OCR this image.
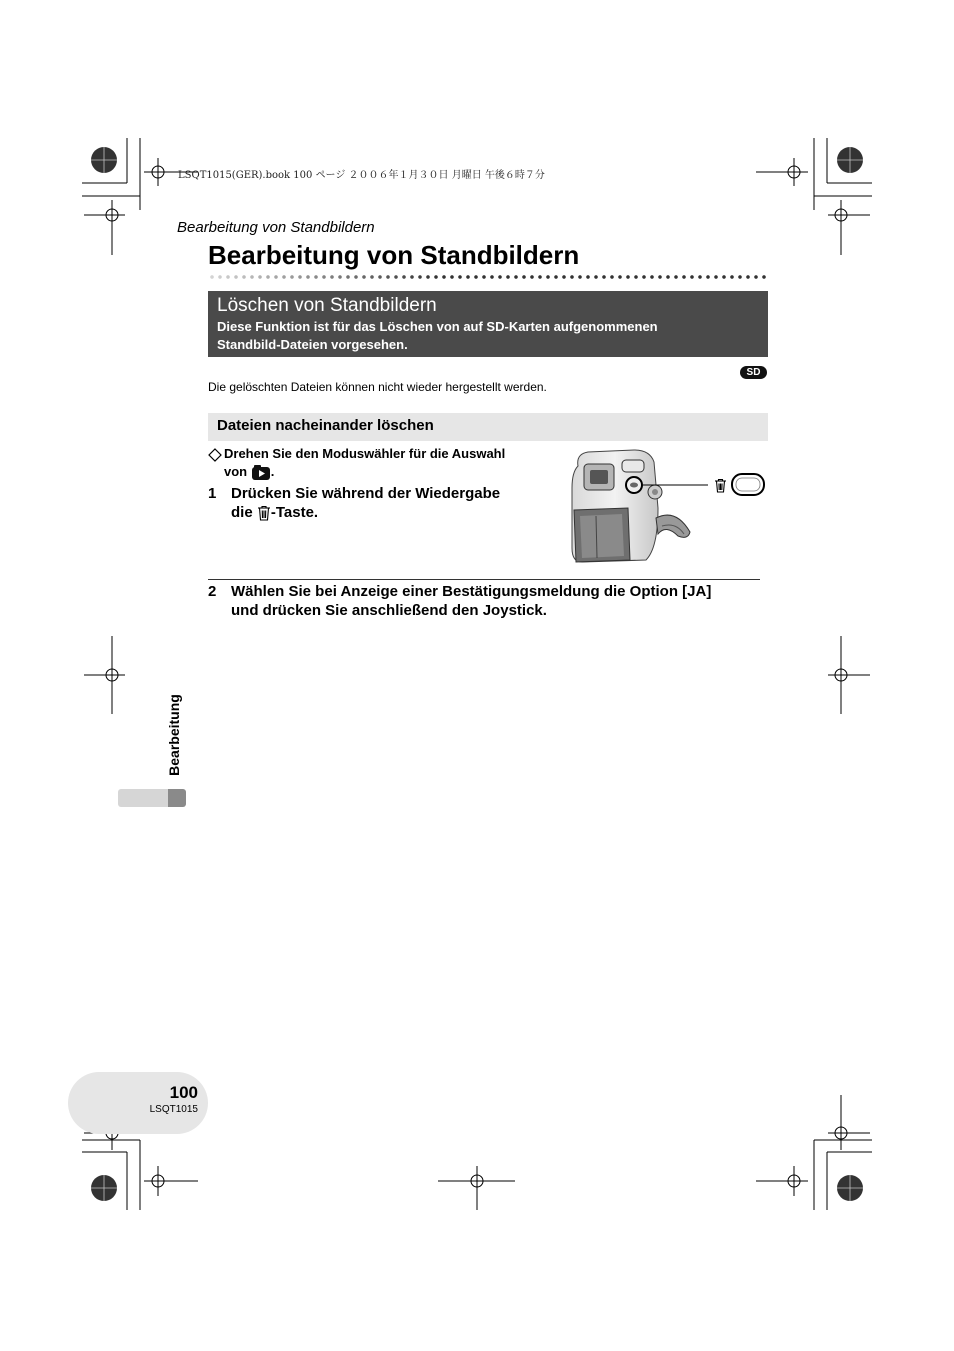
LSQT1015(GER).book 100 ページ ２００６年１月３０日 月曜日 午後６時７分
Bearbeitung von Standbildern
Bearbeitung von Standbildern
Löschen von Standbildern
Diese Funktion ist für das Löschen von auf SD-Karten aufgenommenen
Standbild-Dateien vorgesehen.
SD
Die gelöschten Dateien können nicht wieder hergestellt werden.
Dateien nacheinander löschen
Drehen Sie den Moduswähler für die Auswahl
von .
1 Drücken Sie während der Wiedergabe
die -Taste.
2 Wählen Sie bei Anzeige einer Bestätigungsmeldung die Option [JA]
und drücken Sie anschließend den Joystick.
Bearbeitung
100
LSQT1015
